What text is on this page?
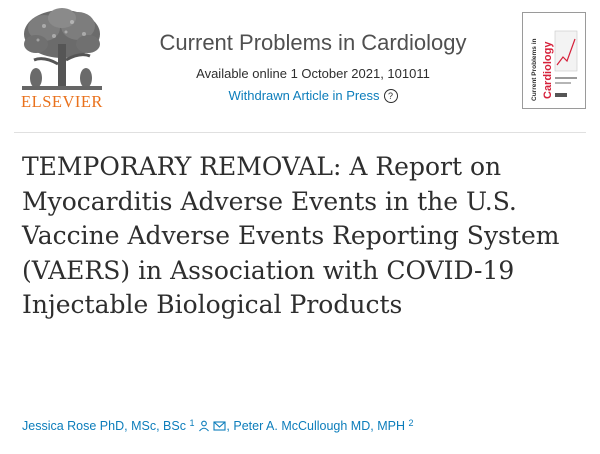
ELSEVIER
Current Problems in Cardiology
Available online 1 October 2021, 101011
Withdrawn Article in Press ?	Current Problems in Cardiology
TEMPORARY REMOVAL: A Report on Myocarditis Adverse Events in the U.S. Vaccine Adverse Events Reporting System (VAERS) in Association with COVID-19 Injectable Biological Products
Jessica Rose PhD, MSc, BSc $^1$	, Peter A. McCullough MD, MPH $^2$
